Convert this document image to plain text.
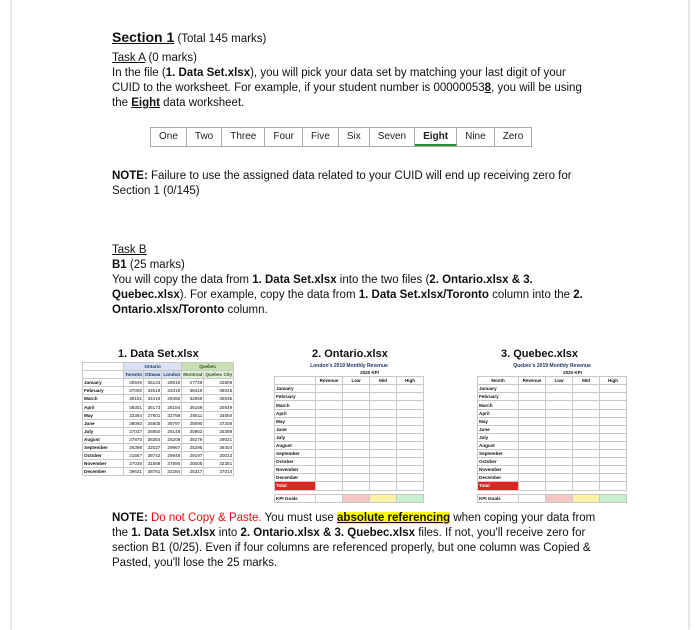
Section 1 (Total 145 marks)
Task A (0 marks)
In the file (1. Data Set.xlsx), you will pick your data set by matching your last digit of your CUID to the worksheet. For example, if your student number is 000000538, you will be using the Eight data worksheet.
One	Two	Three	Four	Five	Six	Seven	Eight	Nine	Zero
NOTE: Failure to use the assigned data related to your CUID will end up receiving zero for Section 1 (0/145)
Task B
B1 (25 marks)
You will copy the data from 1. Data Set.xlsx into the two files (2. Ontario.xlsx & 3. Quebec.xlsx). For example, copy the data from 1. Data Set.xlsx/Toronto column into the 2. Ontario.xlsx/Toronto column.
1. Data Set.xlsx	2. Ontario.xlsx	3. Quebec.xlsx
	Ontario			Quebec	
	Toronto	Ottawa	London	Montreal	Quebec City
January	30946	35123	28819	27729	32808
February	37000	34619	33418	38419	38025
March	38151	34419	29455	32566	35535
April	36301	36173	28184	35159	25649
May	33364	27801	32759	28511	34650
June	38060	25505	36797	25090	37208
July	27037	26850	26148	30962	25389
August	37870	38354	25208	38276	29021
September	26398	32027	29967	25295	36404
October	31567	38742	29948	29197	30023
November	27026	31598	37890	25005	32351
December	39631	38781	32284	25317	37014
London's 2019 Monthly Revenue				
	2020 KPI			
	Revenue	Low	Mid	High
January				
February				
March				
April				
May				
June				
July				
August				
September				
October				
November				
December				
Total				

KPI Goals				
Quebec's 2019 Monthly Revenue				
	2020 KPI			
Month	Revenue	Low	Mid	High
January				
February				
March				
April				
May				
June				
July				
August				
September				
October				
November				
December				
Total				

KPI Goals				
NOTE: Do not Copy & Paste. You must use absolute referencing when coping your data from the 1. Data Set.xlsx into 2. Ontario.xlsx & 3. Quebec.xlsx files. If not, you'll receive zero for section B1 (0/25). Even if four columns are referenced properly, but one column was Copied & Pasted, you'll lose the 25 marks.
